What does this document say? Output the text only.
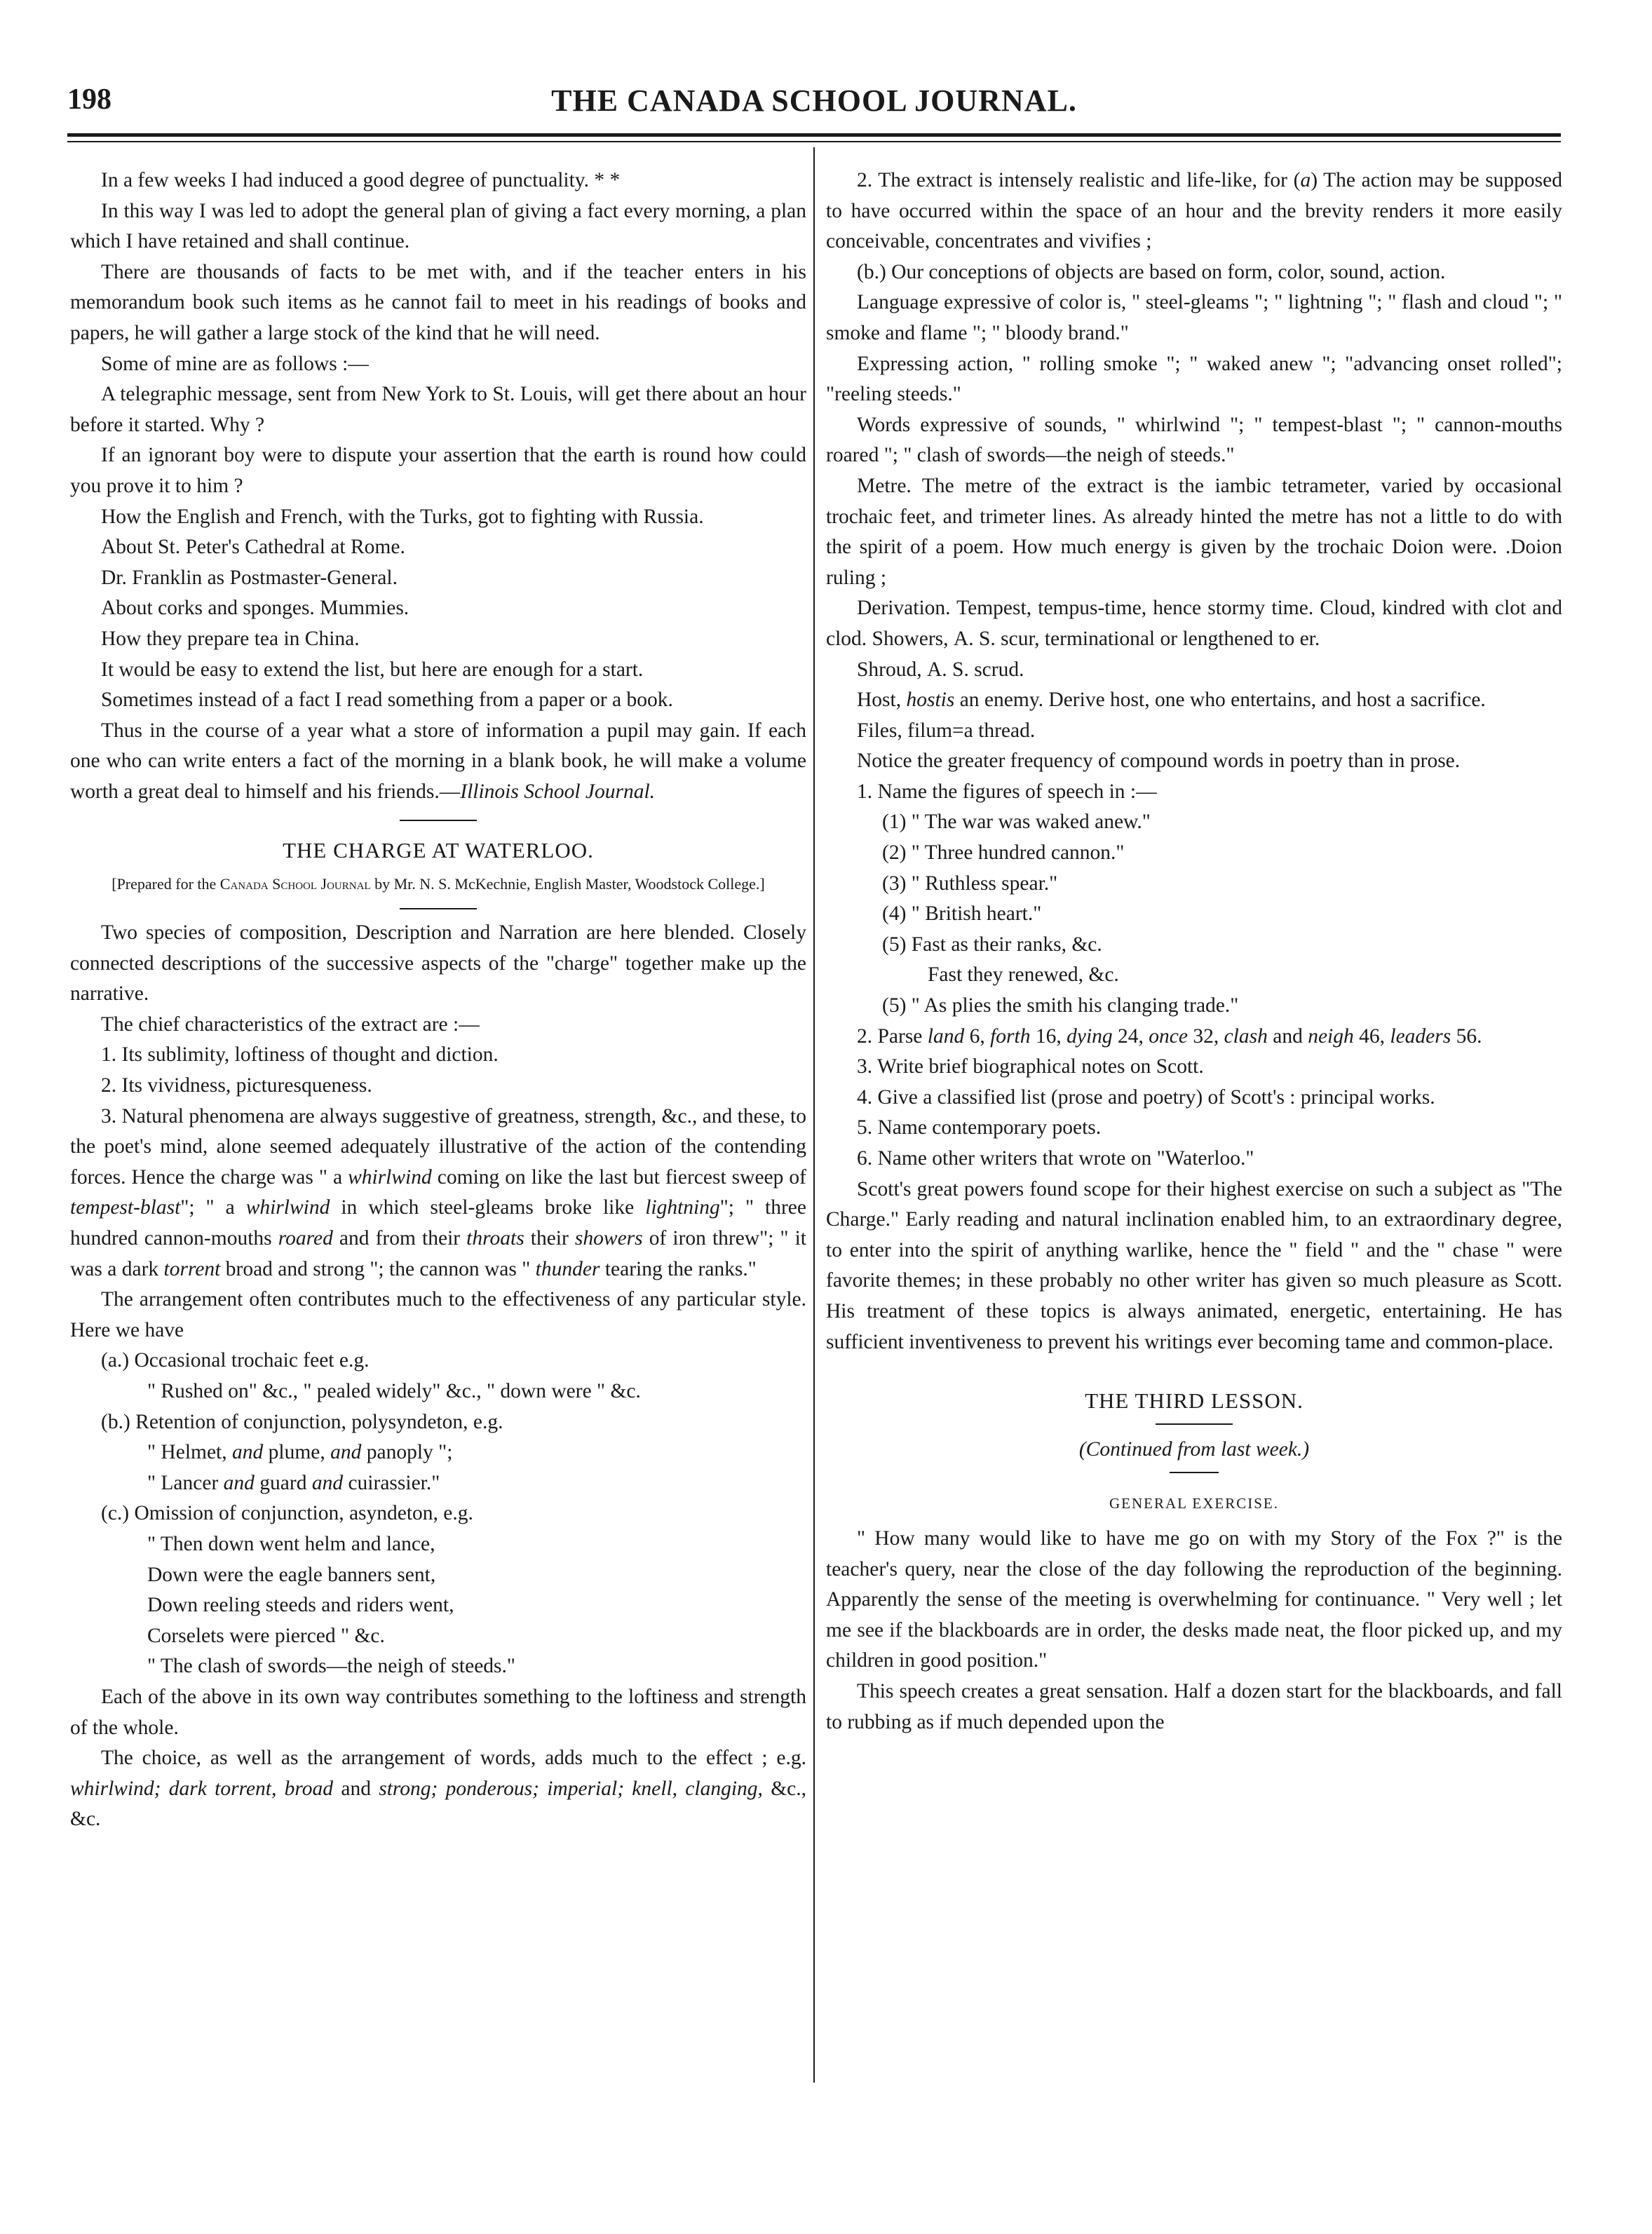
198	THE CANADA SCHOOL JOURNAL.

In a few weeks I had induced a good degree of punctuality. * *

In this way I was led to adopt the general plan of giving a fact every morning, a plan which I have retained and shall continue.

There are thousands of facts to be met with, and if the teacher enters in his memorandum book such items as he cannot fail to meet in his readings of books and papers, he will gather a large stock of the kind that he will need.

Some of mine are as follows :—

A telegraphic message, sent from New York to St. Louis, will get there about an hour before it started. Why ?

If an ignorant boy were to dispute your assertion that the earth is round how could you prove it to him ?

How the English and French, with the Turks, got to fighting with Russia.

About St. Peter's Cathedral at Rome.

Dr. Franklin as Postmaster-General.

About corks and sponges. Mummies.

How they prepare tea in China.

It would be easy to extend the list, but here are enough for a start.

Sometimes instead of a fact I read something from a paper or a book.

Thus in the course of a year what a store of information a pupil may gain. If each one who can write enters a fact of the morning in a blank book, he will make a volume worth a great deal to himself and his friends.—Illinois School Journal.

THE CHARGE AT WATERLOO.
[Prepared for the Canada School Journal by Mr. N. S. McKechnie, English Master, Woodstock College.]

Two species of composition, Description and Narration are here blended. Closely connected descriptions of the successive aspects of the "charge" together make up the narrative.

The chief characteristics of the extract are :—

1. Its sublimity, loftiness of thought and diction.

2. Its vividness, picturesqueness.

3. Natural phenomena are always suggestive of greatness, strength, &c., and these, to the poet's mind, alone seemed adequately illustrative of the action of the contending forces. Hence the charge was " a whirlwind coming on like the last but fiercest sweep of tempest-blast"; " a whirlwind in which steel-gleams broke like lightning"; " three hundred cannon-mouths roared and from their throats their showers of iron threw"; " it was a dark torrent broad and strong "; the cannon was " thunder tearing the ranks."

The arrangement often contributes much to the effectiveness of any particular style. Here we have

(a.) Occasional trochaic feet e.g.

" Rushed on" &c., " pealed widely" &c., " down were " &c.

(b.) Retention of conjunction, polysyndeton, e.g.

" Helmet, and plume, and panoply ";

" Lancer and guard and cuirassier."

(c.) Omission of conjunction, asyndeton, e.g.

" Then down went helm and lance,

Down were the eagle banners sent,

Down reeling steeds and riders went,

Corselets were pierced " &c.

" The clash of swords—the neigh of steeds."

Each of the above in its own way contributes something to the loftiness and strength of the whole.

The choice, as well as the arrangement of words, adds much to the effect ; e.g. whirlwind; dark torrent, broad and strong; ponderous; imperial; knell, clanging, &c., &c.

2. The extract is intensely realistic and life-like, for (a) The action may be supposed to have occurred within the space of an hour and the brevity renders it more easily conceivable, concentrates and vivifies ;

(b.) Our conceptions of objects are based on form, color, sound, action.

Language expressive of color is, " steel-gleams "; " lightning "; " flash and cloud "; " smoke and flame "; " bloody brand."

Expressing action, " rolling smoke "; " waked anew "; "advancing onset rolled"; "reeling steeds."

Words expressive of sounds, " whirlwind "; " tempest-blast "; " cannon-mouths roared "; " clash of swords—the neigh of steeds."

Metre. The metre of the extract is the iambic tetrameter, varied by occasional trochaic feet, and trimeter lines. As already hinted the metre has not a little to do with the spirit of a poem. How much energy is given by the trochaic Doion were. .Doion ruling ;

Derivation. Tempest, tempus-time, hence stormy time. Cloud, kindred with clot and clod. Showers, A. S. scur, terminational or lengthened to er.

Shroud, A. S. scrud.

Host, hostis an enemy. Derive host, one who entertains, and host a sacrifice.

Files, filum=a thread.

Notice the greater frequency of compound words in poetry than in prose.

1. Name the figures of speech in :—

(1) " The war was waked anew."

(2) " Three hundred cannon."

(3) " Ruthless spear."

(4) " British heart."

(5) Fast as their ranks, &c.

Fast they renewed, &c.

(5) " As plies the smith his clanging trade."

2. Parse land 6, forth 16, dying 24, once 32, clash and neigh 46, leaders 56.

3. Write brief biographical notes on Scott.

4. Give a classified list (prose and poetry) of Scott's : principal works.

5. Name contemporary poets.

6. Name other writers that wrote on "Waterloo."

Scott's great powers found scope for their highest exercise on such a subject as "The Charge." Early reading and natural inclination enabled him, to an extraordinary degree, to enter into the spirit of anything warlike, hence the " field " and the " chase " were favorite themes; in these probably no other writer has given so much pleasure as Scott. His treatment of these topics is always animated, energetic, entertaining. He has sufficient inventiveness to prevent his writings ever becoming tame and common-place.

THE THIRD LESSON.
(Continued from last week.)
GENERAL EXERCISE.

" How many would like to have me go on with my Story of the Fox ?" is the teacher's query, near the close of the day following the reproduction of the beginning. Apparently the sense of the meeting is overwhelming for continuance. " Very well ; let me see if the blackboards are in order, the desks made neat, the floor picked up, and my children in good position."

This speech creates a great sensation. Half a dozen start for the blackboards, and fall to rubbing as if much depended upon the
